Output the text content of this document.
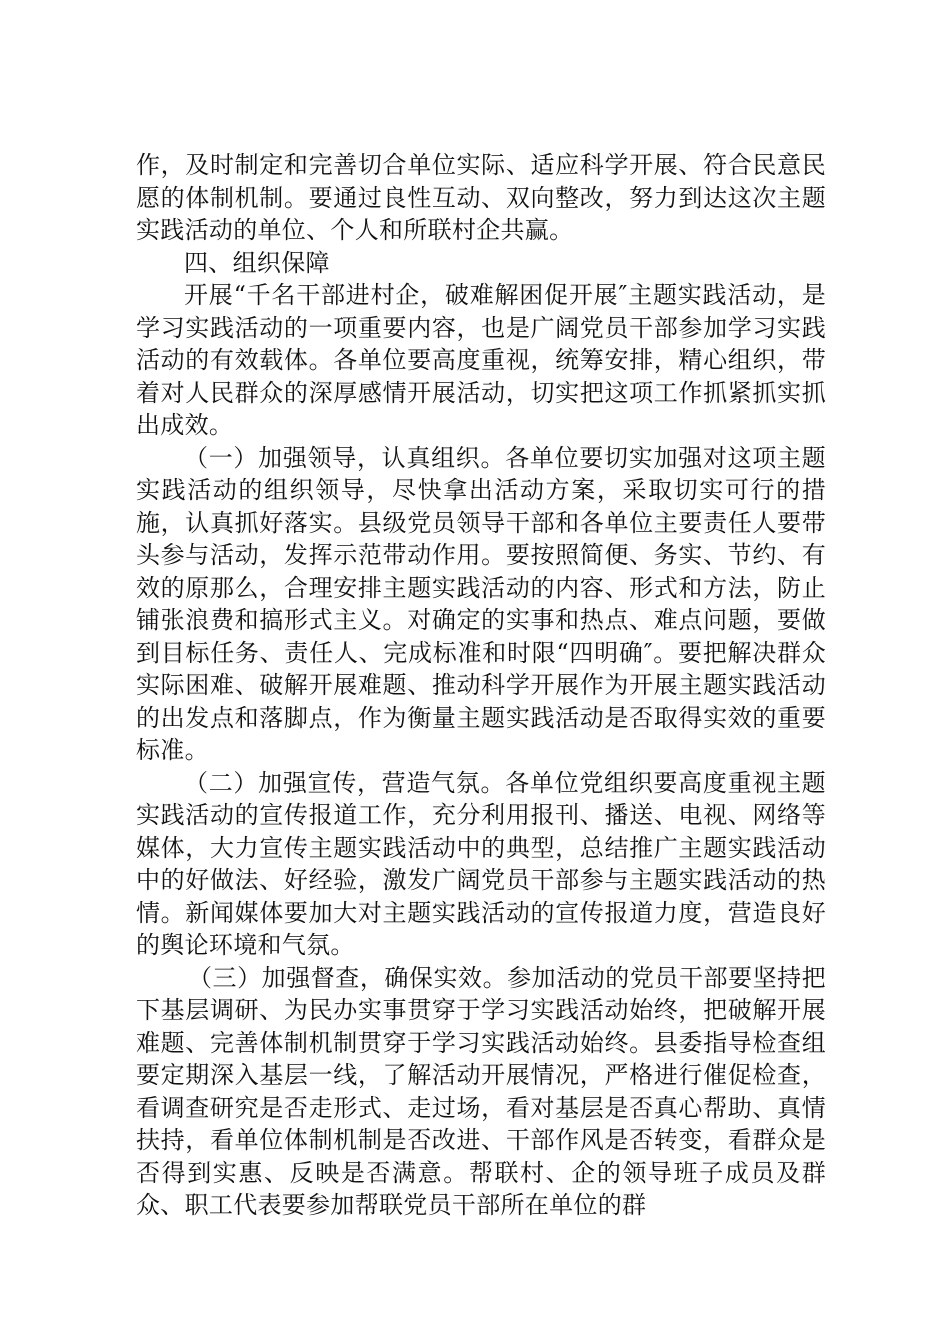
作，及时制定和完善切合单位实际、适应科学开展、符合民意民愿的体制机制。要通过良性互动、双向整改，努力到达这次主题实践活动的单位、个人和所联村企共赢。

四、组织保障

开展“千名干部进村企，破难解困促开展″主题实践活动，是学习实践活动的一项重要内容，也是广阔党员干部参加学习实践活动的有效载体。各单位要高度重视，统筹安排，精心组织，带着对人民群众的深厚感情开展活动，切实把这项工作抓紧抓实抓出成效。

（一）加强领导，认真组织。各单位要切实加强对这项主题实践活动的组织领导，尽快拿出活动方案，采取切实可行的措施，认真抓好落实。县级党员领导干部和各单位主要责任人要带头参与活动，发挥示范带动作用。要按照简便、务实、节约、有效的原那么，合理安排主题实践活动的内容、形式和方法，防止铺张浪费和搞形式主义。对确定的实事和热点、难点问题，要做到目标任务、责任人、完成标准和时限“四明确″。要把解决群众实际困难、破解开展难题、推动科学开展作为开展主题实践活动的出发点和落脚点，作为衡量主题实践活动是否取得实效的重要标准。

（二）加强宣传，营造气氛。各单位党组织要高度重视主题实践活动的宣传报道工作，充分利用报刊、播送、电视、网络等媒体，大力宣传主题实践活动中的典型，总结推广主题实践活动中的好做法、好经验，激发广阔党员干部参与主题实践活动的热情。新闻媒体要加大对主题实践活动的宣传报道力度，营造良好的舆论环境和气氛。

（三）加强督查，确保实效。参加活动的党员干部要坚持把下基层调研、为民办实事贯穿于学习实践活动始终，把破解开展难题、完善体制机制贯穿于学习实践活动始终。县委指导检查组要定期深入基层一线，了解活动开展情况，严格进行催促检查，看调查研究是否走形式、走过场，看对基层是否真心帮助、真情扶持，看单位体制机制是否改进、干部作风是否转变，看群众是否得到实惠、反映是否满意。帮联村、企的领导班子成员及群众、职工代表要参加帮联党员干部所在单位的群
